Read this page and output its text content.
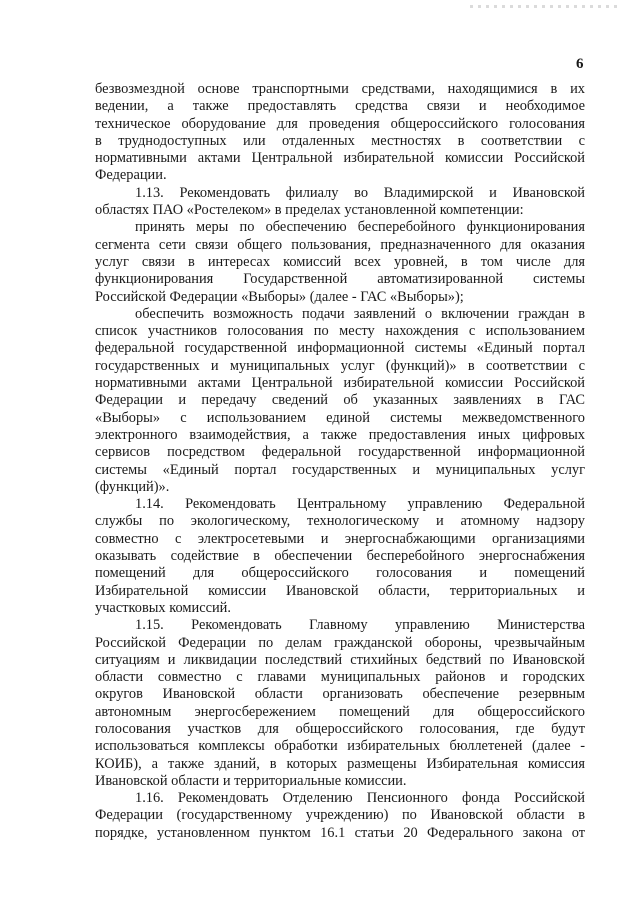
6
безвозмездной основе транспортными средствами, находящимися в их
ведении, а также предоставлять средства связи и необходимое
техническое оборудование для проведения общероссийского голосования
в труднодоступных или отдаленных местностях в соответствии с
нормативными актами Центральной избирательной комиссии Российской
Федерации.
1.13. Рекомендовать филиалу во Владимирской и Ивановской
областях ПАО «Ростелеком» в пределах установленной компетенции:
принять меры по обеспечению бесперебойного функционирования
сегмента сети связи общего пользования, предназначенного для оказания
услуг связи в интересах комиссий всех уровней, в том числе для
функционирования Государственной автоматизированной системы
Российской Федерации «Выборы» (далее - ГАС «Выборы»);
обеспечить возможность подачи заявлений о включении граждан в
список участников голосования по месту нахождения с использованием
федеральной государственной информационной системы «Единый портал
государственных и муниципальных услуг (функций)» в соответствии с
нормативными актами Центральной избирательной комиссии Российской
Федерации и передачу сведений об указанных заявлениях в ГАС
«Выборы» с использованием единой системы межведомственного
электронного взаимодействия, а также предоставления иных цифровых
сервисов посредством федеральной государственной информационной
системы «Единый портал государственных и муниципальных услуг
(функций)».
1.14. Рекомендовать Центральному управлению Федеральной
службы по экологическому, технологическому и атомному надзору
совместно с электросетевыми и энергоснабжающими организациями
оказывать содействие в обеспечении бесперебойного энергоснабжения
помещений для общероссийского голосования и помещений
Избирательной комиссии Ивановской области, территориальных и
участковых комиссий.
1.15. Рекомендовать Главному управлению Министерства
Российской Федерации по делам гражданской обороны, чрезвычайным
ситуациям и ликвидации последствий стихийных бедствий по Ивановской
области совместно с главами муниципальных районов и городских
округов Ивановской области организовать обеспечение резервным
автономным энергосбережением помещений для общероссийского
голосования участков для общероссийского голосования, где будут
использоваться комплексы обработки избирательных бюллетеней (далее -
КОИБ), а также зданий, в которых размещены Избирательная комиссия
Ивановской области и территориальные комиссии.
1.16. Рекомендовать Отделению Пенсионного фонда Российской
Федерации (государственному учреждению) по Ивановской области в
порядке, установленном пунктом 16.1 статьи 20 Федерального закона от
